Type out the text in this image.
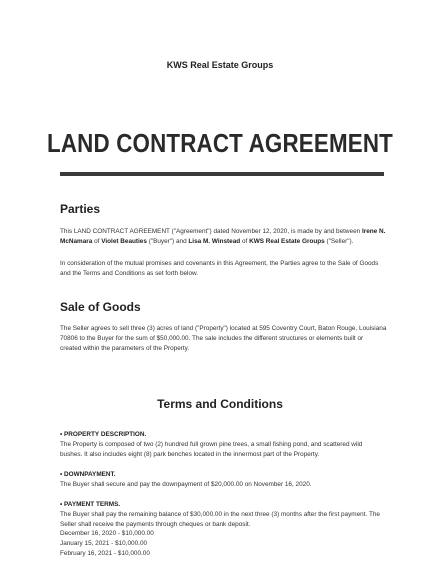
KWS Real Estate Groups
LAND CONTRACT AGREEMENT
Parties
This LAND CONTRACT AGREEMENT ("Agreement") dated November 12, 2020, is made by and between Irene N.
McNamara of Violet Beauties ("Buyer") and Lisa M. Winstead of KWS Real Estate Groups ("Seller").
In consideration of the mutual promises and covenants in this Agreement, the Parties agree to the Sale of Goods
and the Terms and Conditions as set forth below.
Sale of Goods
The Seller agrees to sell three (3) acres of land ("Property") located at 595 Coventry Court, Baton Rouge, Louisiana
70806 to the Buyer for the sum of $50,000.00. The sale includes the different structures or elements built or
created within the parameters of the Property.
Terms and Conditions
• PROPERTY DESCRIPTION.
The Property is composed of two (2) hundred full grown pine trees, a small fishing pond, and scattered wild
bushes. It also includes eight (8) park benches located in the innermost part of the Property.
• DOWNPAYMENT.
The Buyer shall secure and pay the downpayment of $20,000.00 on November 16, 2020.
• PAYMENT TERMS.
The Buyer shall pay the remaining balance of $30,000.00 in the next three (3) months after the first payment. The
Seller shall receive the payments through cheques or bank deposit.
December 16, 2020 - $10,000.00
January 15, 2021 - $10,000.00
February 16, 2021 - $10,000.00
